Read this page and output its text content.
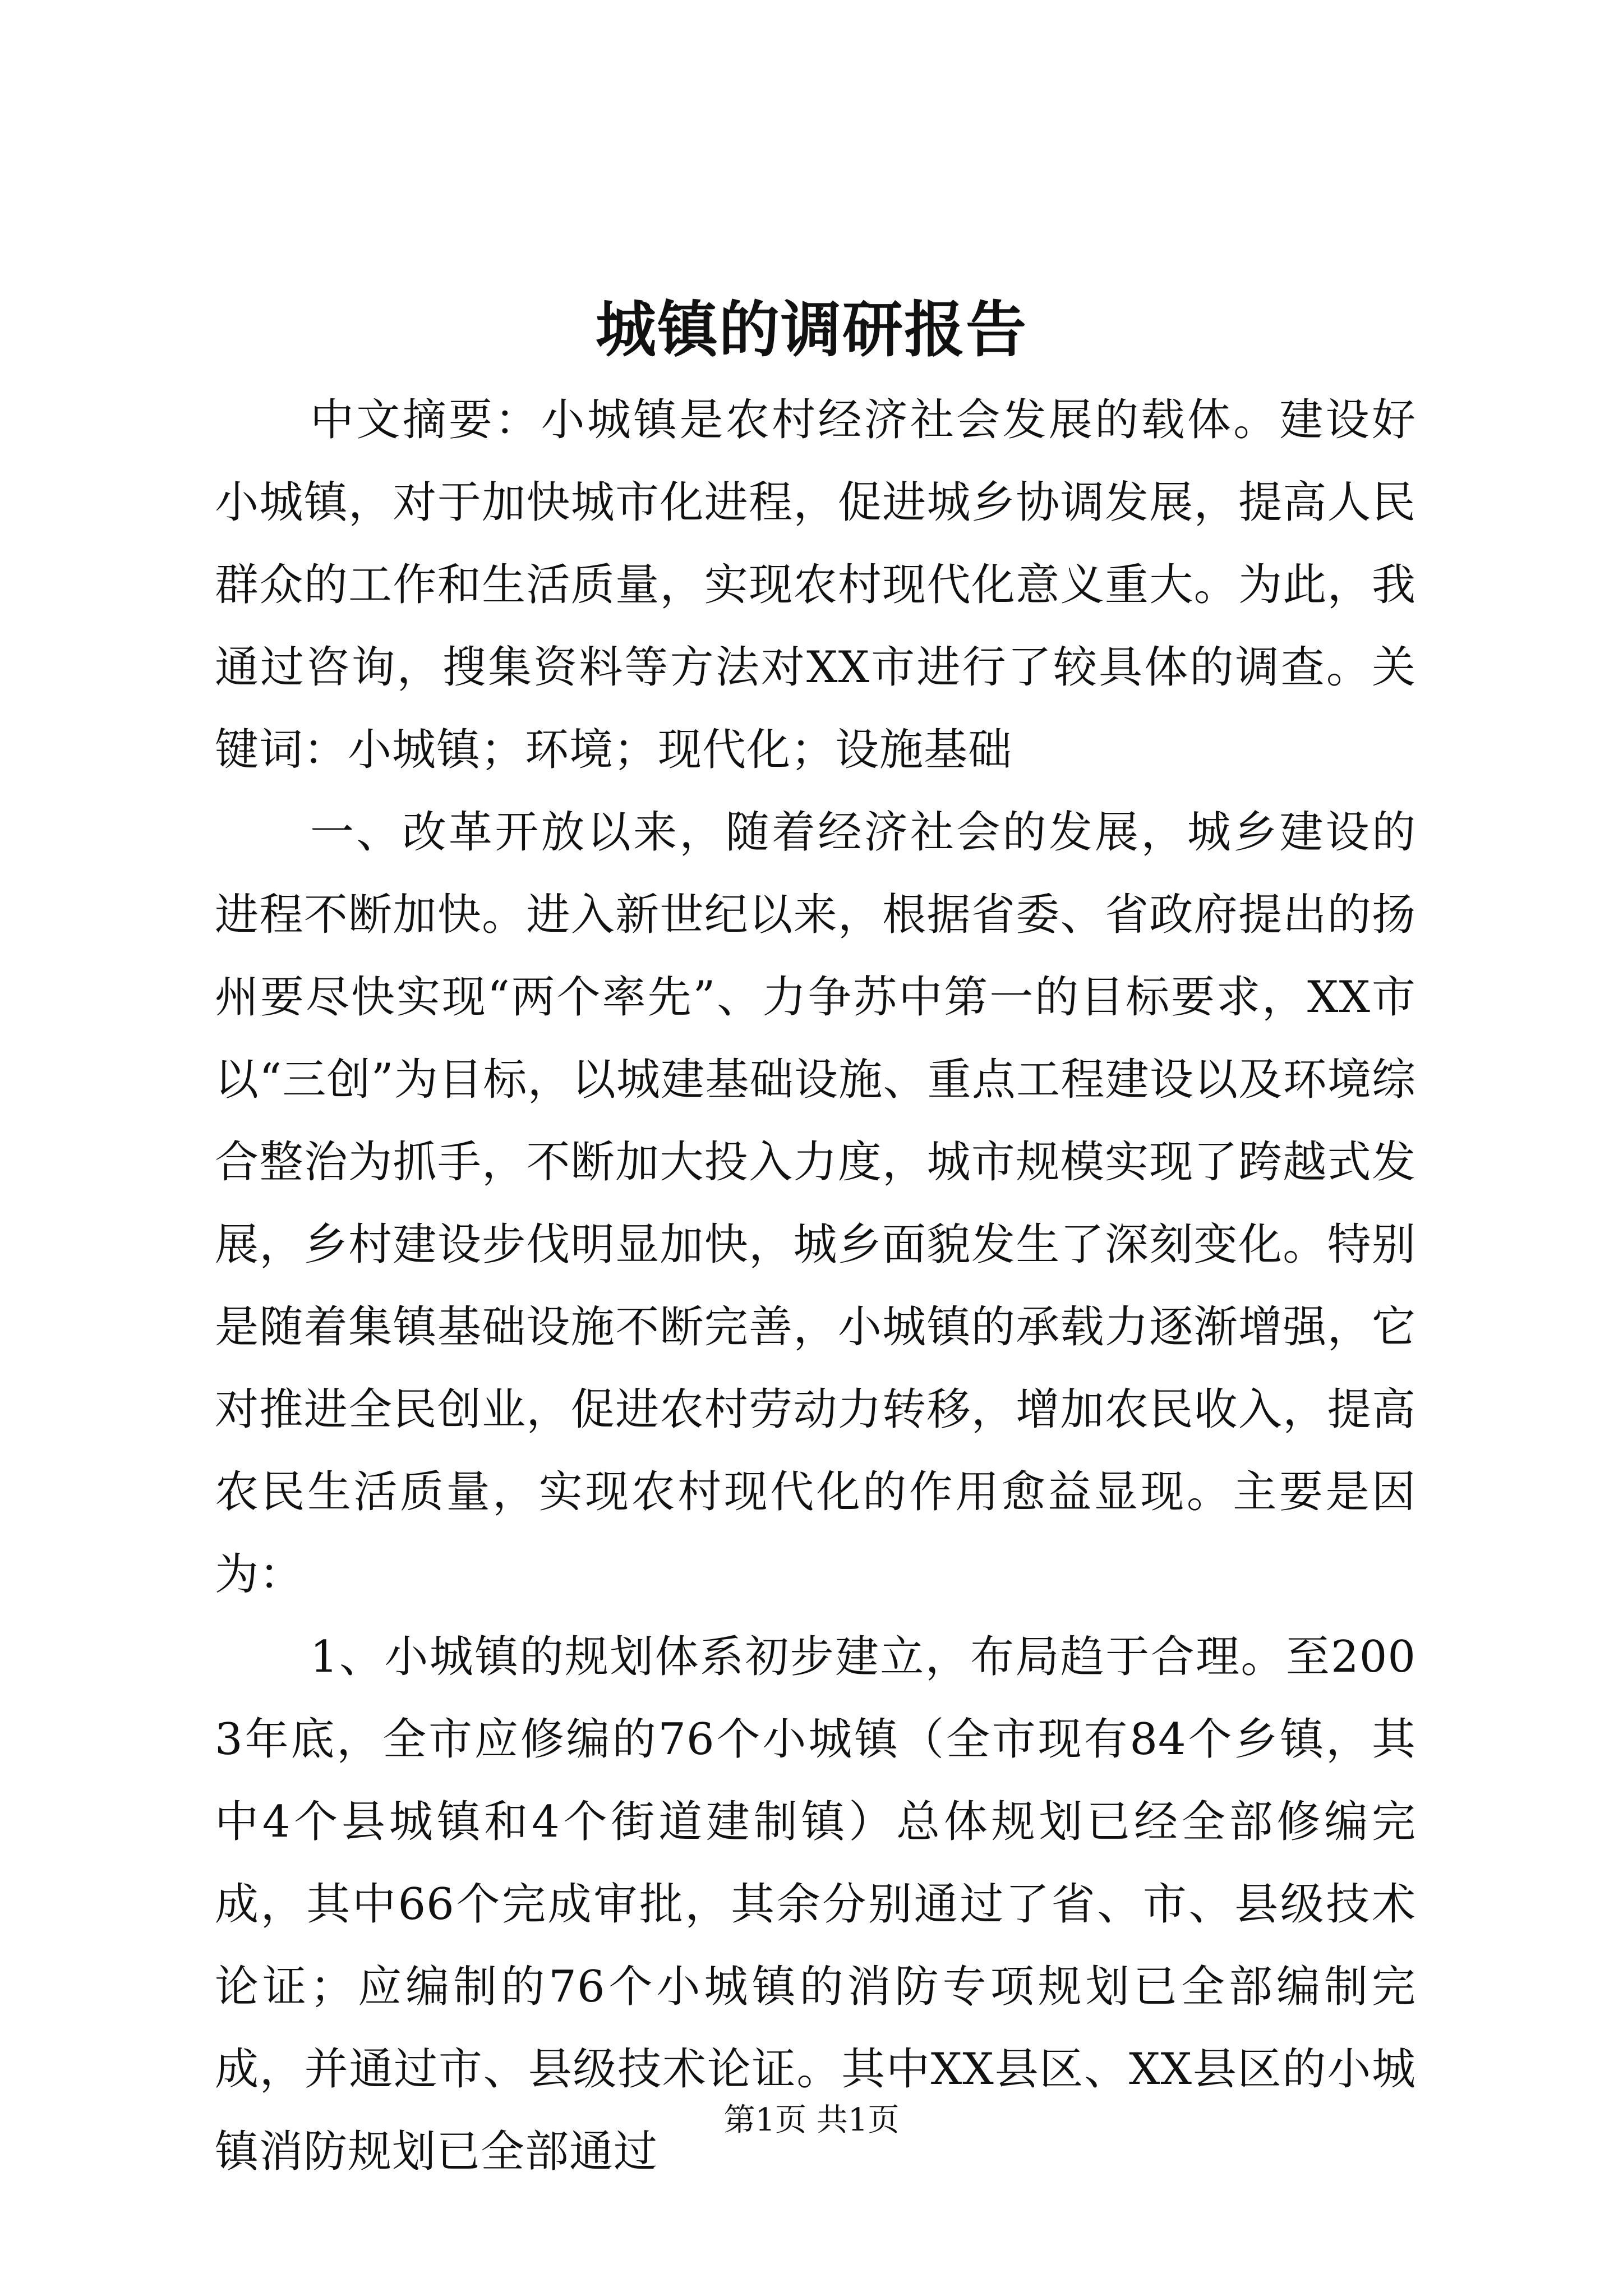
城镇的调研报告

中文摘要：小城镇是农村经济社会发展的载体。建设好小城镇，对于加快城市化进程，促进城乡协调发展，提高人民群众的工作和生活质量，实现农村现代化意义重大。为此，我通过咨询，搜集资料等方法对XX市进行了较具体的调查。关键词：小城镇；环境；现代化；设施基础

一、改革开放以来，随着经济社会的发展，城乡建设的进程不断加快。进入新世纪以来，根据省委、省政府提出的扬州要尽快实现“两个率先”、力争苏中第一的目标要求，XX市以“三创”为目标，以城建基础设施、重点工程建设以及环境综合整治为抓手，不断加大投入力度，城市规模实现了跨越式发展，乡村建设步伐明显加快，城乡面貌发生了深刻变化。特别是随着集镇基础设施不断完善，小城镇的承载力逐渐增强，它对推进全民创业，促进农村劳动力转移，增加农民收入，提高农民生活质量，实现农村现代化的作用愈益显现。主要是因为：

1、小城镇的规划体系初步建立，布局趋于合理。至2003年底，全市应修编的76个小城镇（全市现有84个乡镇，其中4个县城镇和4个街道建制镇）总体规划已经全部修编完成，其中66个完成审批，其余分别通过了省、市、县级技术论证；应编制的76个小城镇的消防专项规划已全部编制完成，并通过市、县级技术论证。其中XX县区、XX县区的小城镇消防规划已全部通过

第1页 共1页
